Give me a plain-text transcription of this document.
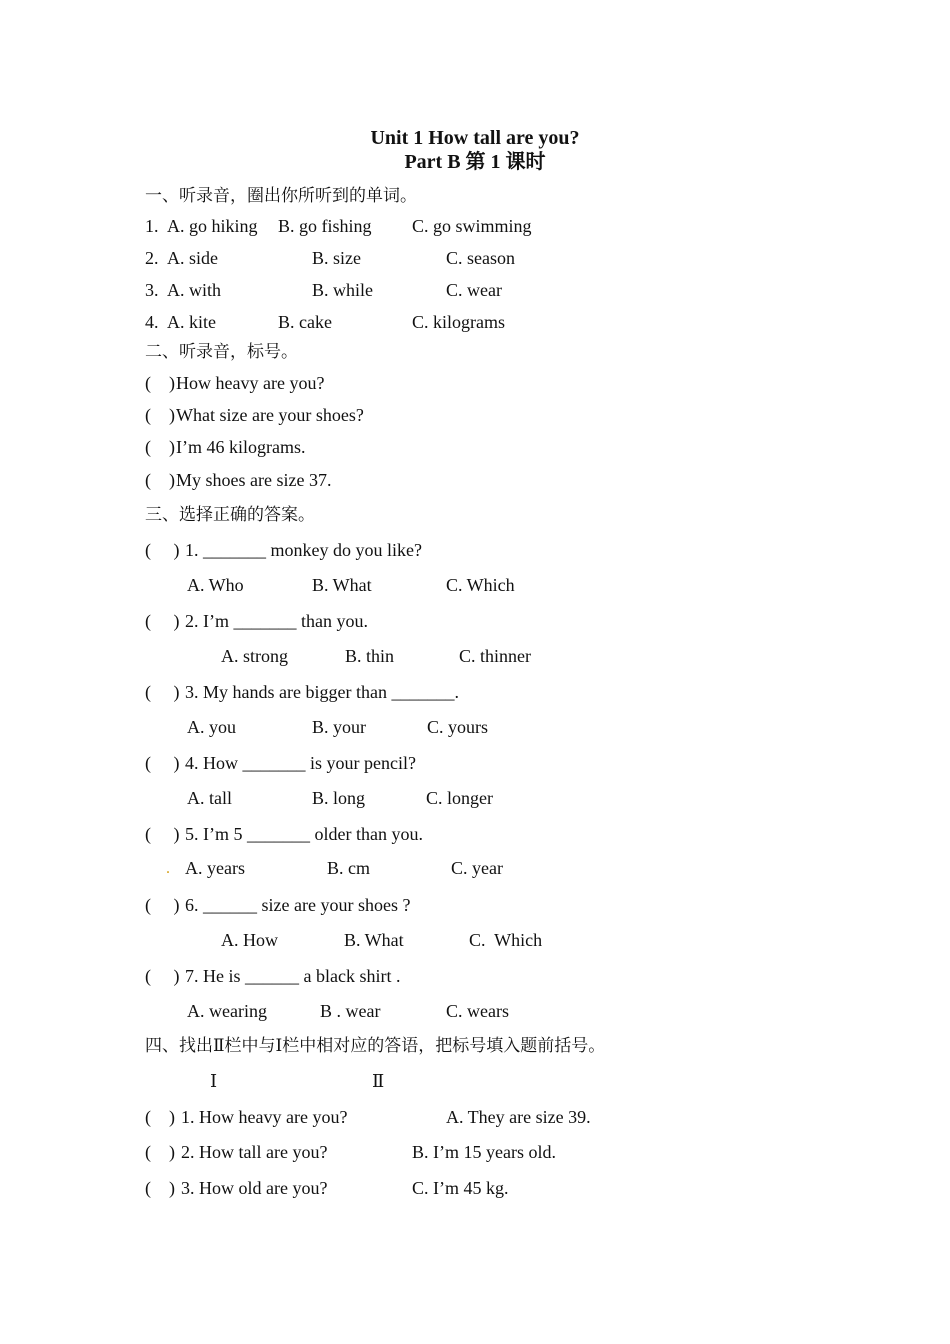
Unit 1 How tall are you?
Part B 第 1 课时
一、听录音，圈出你所听到的单词。
1. A. go hiking B. go fishing C. go swimming
2. A. side	B. size	C. season
3. A. with	B. while	C. wear
4. A. kite	B. cake	C. kilograms
二、听录音，标号。
(    ) How heavy are you?
(    ) What size are your shoes?
(    ) I’m 46 kilograms.
(    ) My shoes are size 37.
三、选择正确的答案。
(     ) 1. _______ monkey do you like?
A. Who	B. What	C. Which
(     ) 2. I’m _______ than you.
A. strong	B. thin	C. thinner
(     ) 3. My hands are bigger than _______.
A. you	B. your	C. yours
(     ) 4. How _______ is your pencil?
A. tall	B. long	C. longer
(     ) 5. I’m 5 _______ older than you.
. A. years	B. cm	C. year
(     ) 6. ______ size are your shoes ?
A. How	B. What	C.  Which
(     ) 7. He is ______ a black shirt .
A. wearing	B . wear	C. wears
四、找出Ⅱ栏中与Ⅰ栏中相对应的答语，把标号填入题前括号。
Ⅰ	Ⅱ
(    ) 1. How heavy are you?	A. They are size 39.
(    ) 2. How tall are you?	B. I’m 15 years old.
(    ) 3. How old are you?	C. I’m 45 kg.
